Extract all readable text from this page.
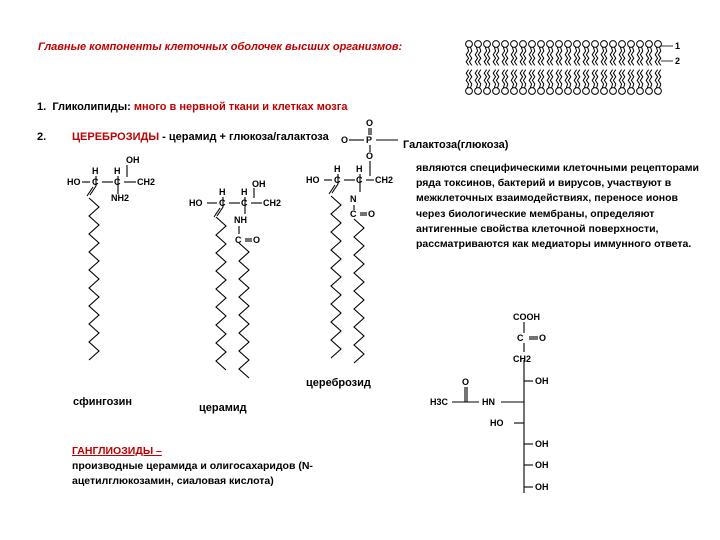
Главные компоненты клеточных оболочек высших организмов:
1. Гликолипиды: много в нервной ткани и клетках мозга
2. ЦЕРЕБРОЗИДЫ - церамид + глюкоза/галактоза
Галактоза(глюкоза)
являются специфическими клеточными рецепторами ряда токсинов, бактерий и вирусов, участвуют в межклеточных взаимодействиях, переносе ионов через биологические мембраны, определяют антигенные свойства клеточной поверхности, рассматриваются как медиаторы иммунного ответа.
сфингозин	церамид
цереброзид
ГАНГЛИОЗИДЫ –
производные церамида и олигосахаридов (N-ацетилглюкозамин, сиаловая кислота)
1
2
OH
H H
HO C C CH2
NH2
OH
H H
HO C C CH2
NH
C O
O
O P
O
H H
HO C C CH2
N
C O
COOH
C O
CH2
OH
O
H3C	HN
HO
OH
OH
OH
